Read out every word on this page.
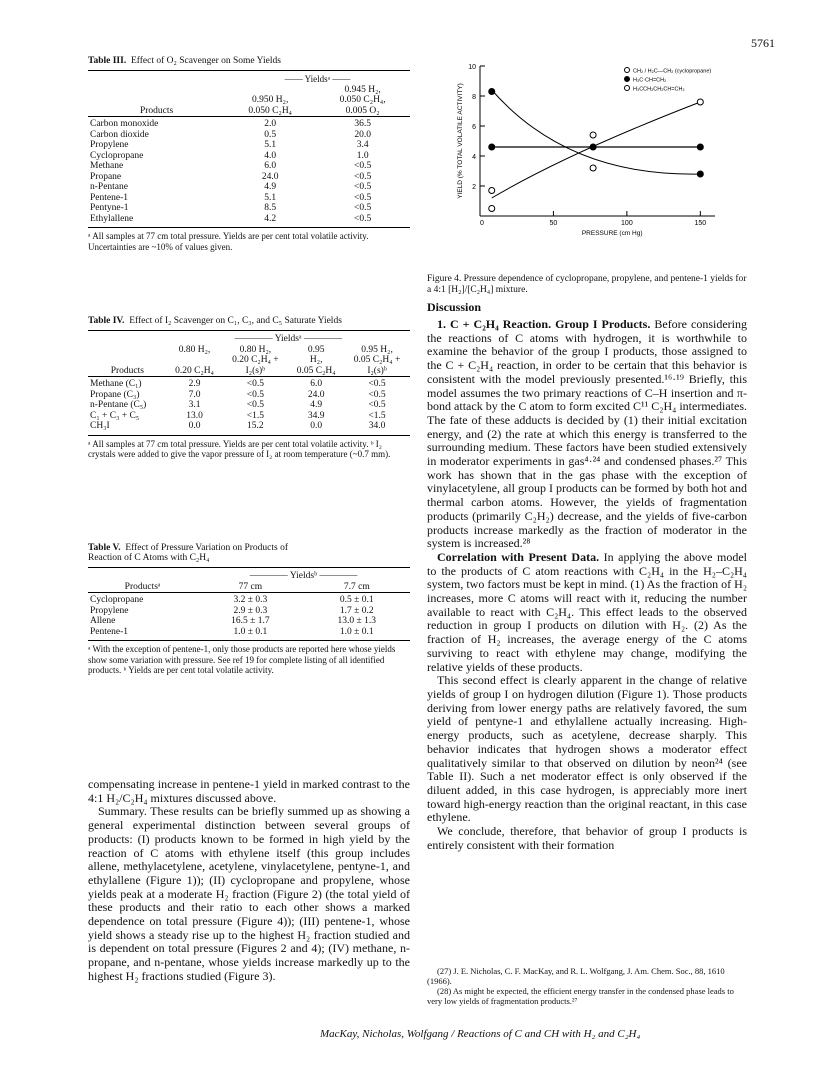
5761
Table III. Effect of O₂ Scavenger on Some Yields

	—— Yieldsᵃ ——	
		0.945 H₂,
	0.950 H₂,	0.050 C₂H₄,
Products	0.050 C₂H₄	0.005 O₂
Carbon monoxide	2.0	36.5
Carbon dioxide	0.5	20.0
Propylene	5.1	3.4
Cyclopropane	4.0	1.0
Methane	6.0	<0.5
Propane	24.0	<0.5
n-Pentane	4.9	<0.5
Pentene-1	5.1	<0.5
Pentyne-1	8.5	<0.5
Ethylallene	4.2	<0.5
ᵃ All samples at 77 cm total pressure. Yields are per cent total volatile activity. Uncertainties are ~10% of values given.
Table IV. Effect of I₂ Scavenger on C₁, C₃, and C₅ Saturate Yields

	———— Yieldsᵃ ————			
	0.80 H₂,	0.80 H₂,	0.95	0.95 H₂,
		0.20 C₂H₄ +	H₂,	0.05 C₂H₄ +
Products	0.20 C₂H₄	I₂(s)ᵇ	0.05 C₂H₄	I₂(s)ᵇ
Methane (C₁)	2.9	<0.5	6.0	<0.5
Propane (C₃)	7.0	<0.5	24.0	<0.5
n-Pentane (C₅)	3.1	<0.5	4.9	<0.5
C₁ + C₃ + C₅	13.0	<1.5	34.9	<1.5
CH₃I	0.0	15.2	0.0	34.0
ᵃ All samples at 77 cm total pressure. Yields are per cent total volatile activity. ᵇ I₂ crystals were added to give the vapor pressure of I₂ at room temperature (~0.7 mm).
Table V. Effect of Pressure Variation on Products of
Reaction of C Atoms with C₂H₄

	———— Yieldsᵇ ————	
Productsᵃ	77 cm	7.7 cm
Cyclopropane	3.2 ± 0.3	0.5 ± 0.1
Propylene	2.9 ± 0.3	1.7 ± 0.2
Allene	16.5 ± 1.7	13.0 ± 1.3
Pentene-1	1.0 ± 0.1	1.0 ± 0.1
ᵃ With the exception of pentene-1, only those products are reported here whose yields show some variation with pressure. See ref 19 for complete listing of all identified products. ᵇ Yields are per cent total volatile activity.

compensating increase in pentene-1 yield in marked contrast to the 4:1 H₂/C₂H₄ mixtures discussed above.

Summary. These results can be briefly summed up as showing a general experimental distinction between several groups of products: (I) products known to be formed in high yield by the reaction of C atoms with ethylene itself (this group includes allene, methylacetylene, acetylene, vinylacetylene, pentyne-1, and ethylallene (Figure 1)); (II) cyclopropane and propylene, whose yields peak at a moderate H₂ fraction (Figure 2) (the total yield of these products and their ratio to each other shows a marked dependence on total pressure (Figure 4)); (III) pentene-1, whose yield shows a steady rise up to the highest H₂ fraction studied and is dependent on total pressure (Figures 2 and 4); (IV) methane, n-propane, and n-pentane, whose yields increase markedly up to the highest H₂ fractions studied (Figure 3).

2
4
6
8
10
0	50	100	150
PRESSURE (cm Hg)
YIELD (% TOTAL VOLATILE ACTIVITY)
CH₂ / H₂C—CH₂ (cyclopropane)
H₃C·CH=CH₂
H₃CCH₂CH₂CH=CH₂
Figure 4. Pressure dependence of cyclopropane, propylene, and pentene-1 yields for a 4:1 [H₂]/[C₂H₄] mixture.
Discussion

1. C + C₂H₄ Reaction. Group I Products. Before considering the reactions of C atoms with hydrogen, it is worthwhile to examine the behavior of the group I products, those assigned to the C + C₂H₄ reaction, in order to be certain that this behavior is consistent with the model previously presented.¹⁶·¹⁹ Briefly, this model assumes the two primary reactions of C–H insertion and π-bond attack by the C atom to form excited C¹¹ C₂H₄ intermediates. The fate of these adducts is decided by (1) their initial excitation energy, and (2) the rate at which this energy is transferred to the surrounding medium. These factors have been studied extensively in moderator experiments in gas⁴·²⁴ and condensed phases.²⁷ This work has shown that in the gas phase with the exception of vinylacetylene, all group I products can be formed by both hot and thermal carbon atoms. However, the yields of fragmentation products (primarily C₂H₂) decrease, and the yields of five-carbon products increase markedly as the fraction of moderator in the system is increased.²⁸

Correlation with Present Data. In applying the above model to the products of C atom reactions with C₂H₄ in the H₂–C₂H₄ system, two factors must be kept in mind. (1) As the fraction of H₂ increases, more C atoms will react with it, reducing the number available to react with C₂H₄. This effect leads to the observed reduction in group I products on dilution with H₂. (2) As the fraction of H₂ increases, the average energy of the C atoms surviving to react with ethylene may change, modifying the relative yields of these products.

This second effect is clearly apparent in the change of relative yields of group I on hydrogen dilution (Figure 1). Those products deriving from lower energy paths are relatively favored, the sum yield of pentyne-1 and ethylallene actually increasing. High-energy products, such as acetylene, decrease sharply. This behavior indicates that hydrogen shows a moderator effect qualitatively similar to that observed on dilution by neon²⁴ (see Table II). Such a net moderator effect is only observed if the diluent added, in this case hydrogen, is appreciably more inert toward high-energy reaction than the original reactant, in this case ethylene.

We conclude, therefore, that behavior of group I products is entirely consistent with their formation

(27) J. E. Nicholas, C. F. MacKay, and R. L. Wolfgang, J. Am. Chem. Soc., 88, 1610 (1966).
(28) As might be expected, the efficient energy transfer in the condensed phase leads to very low yields of fragmentation products.²⁷
MacKay, Nicholas, Wolfgang / Reactions of C and CH with H₂ and C₂H₄
